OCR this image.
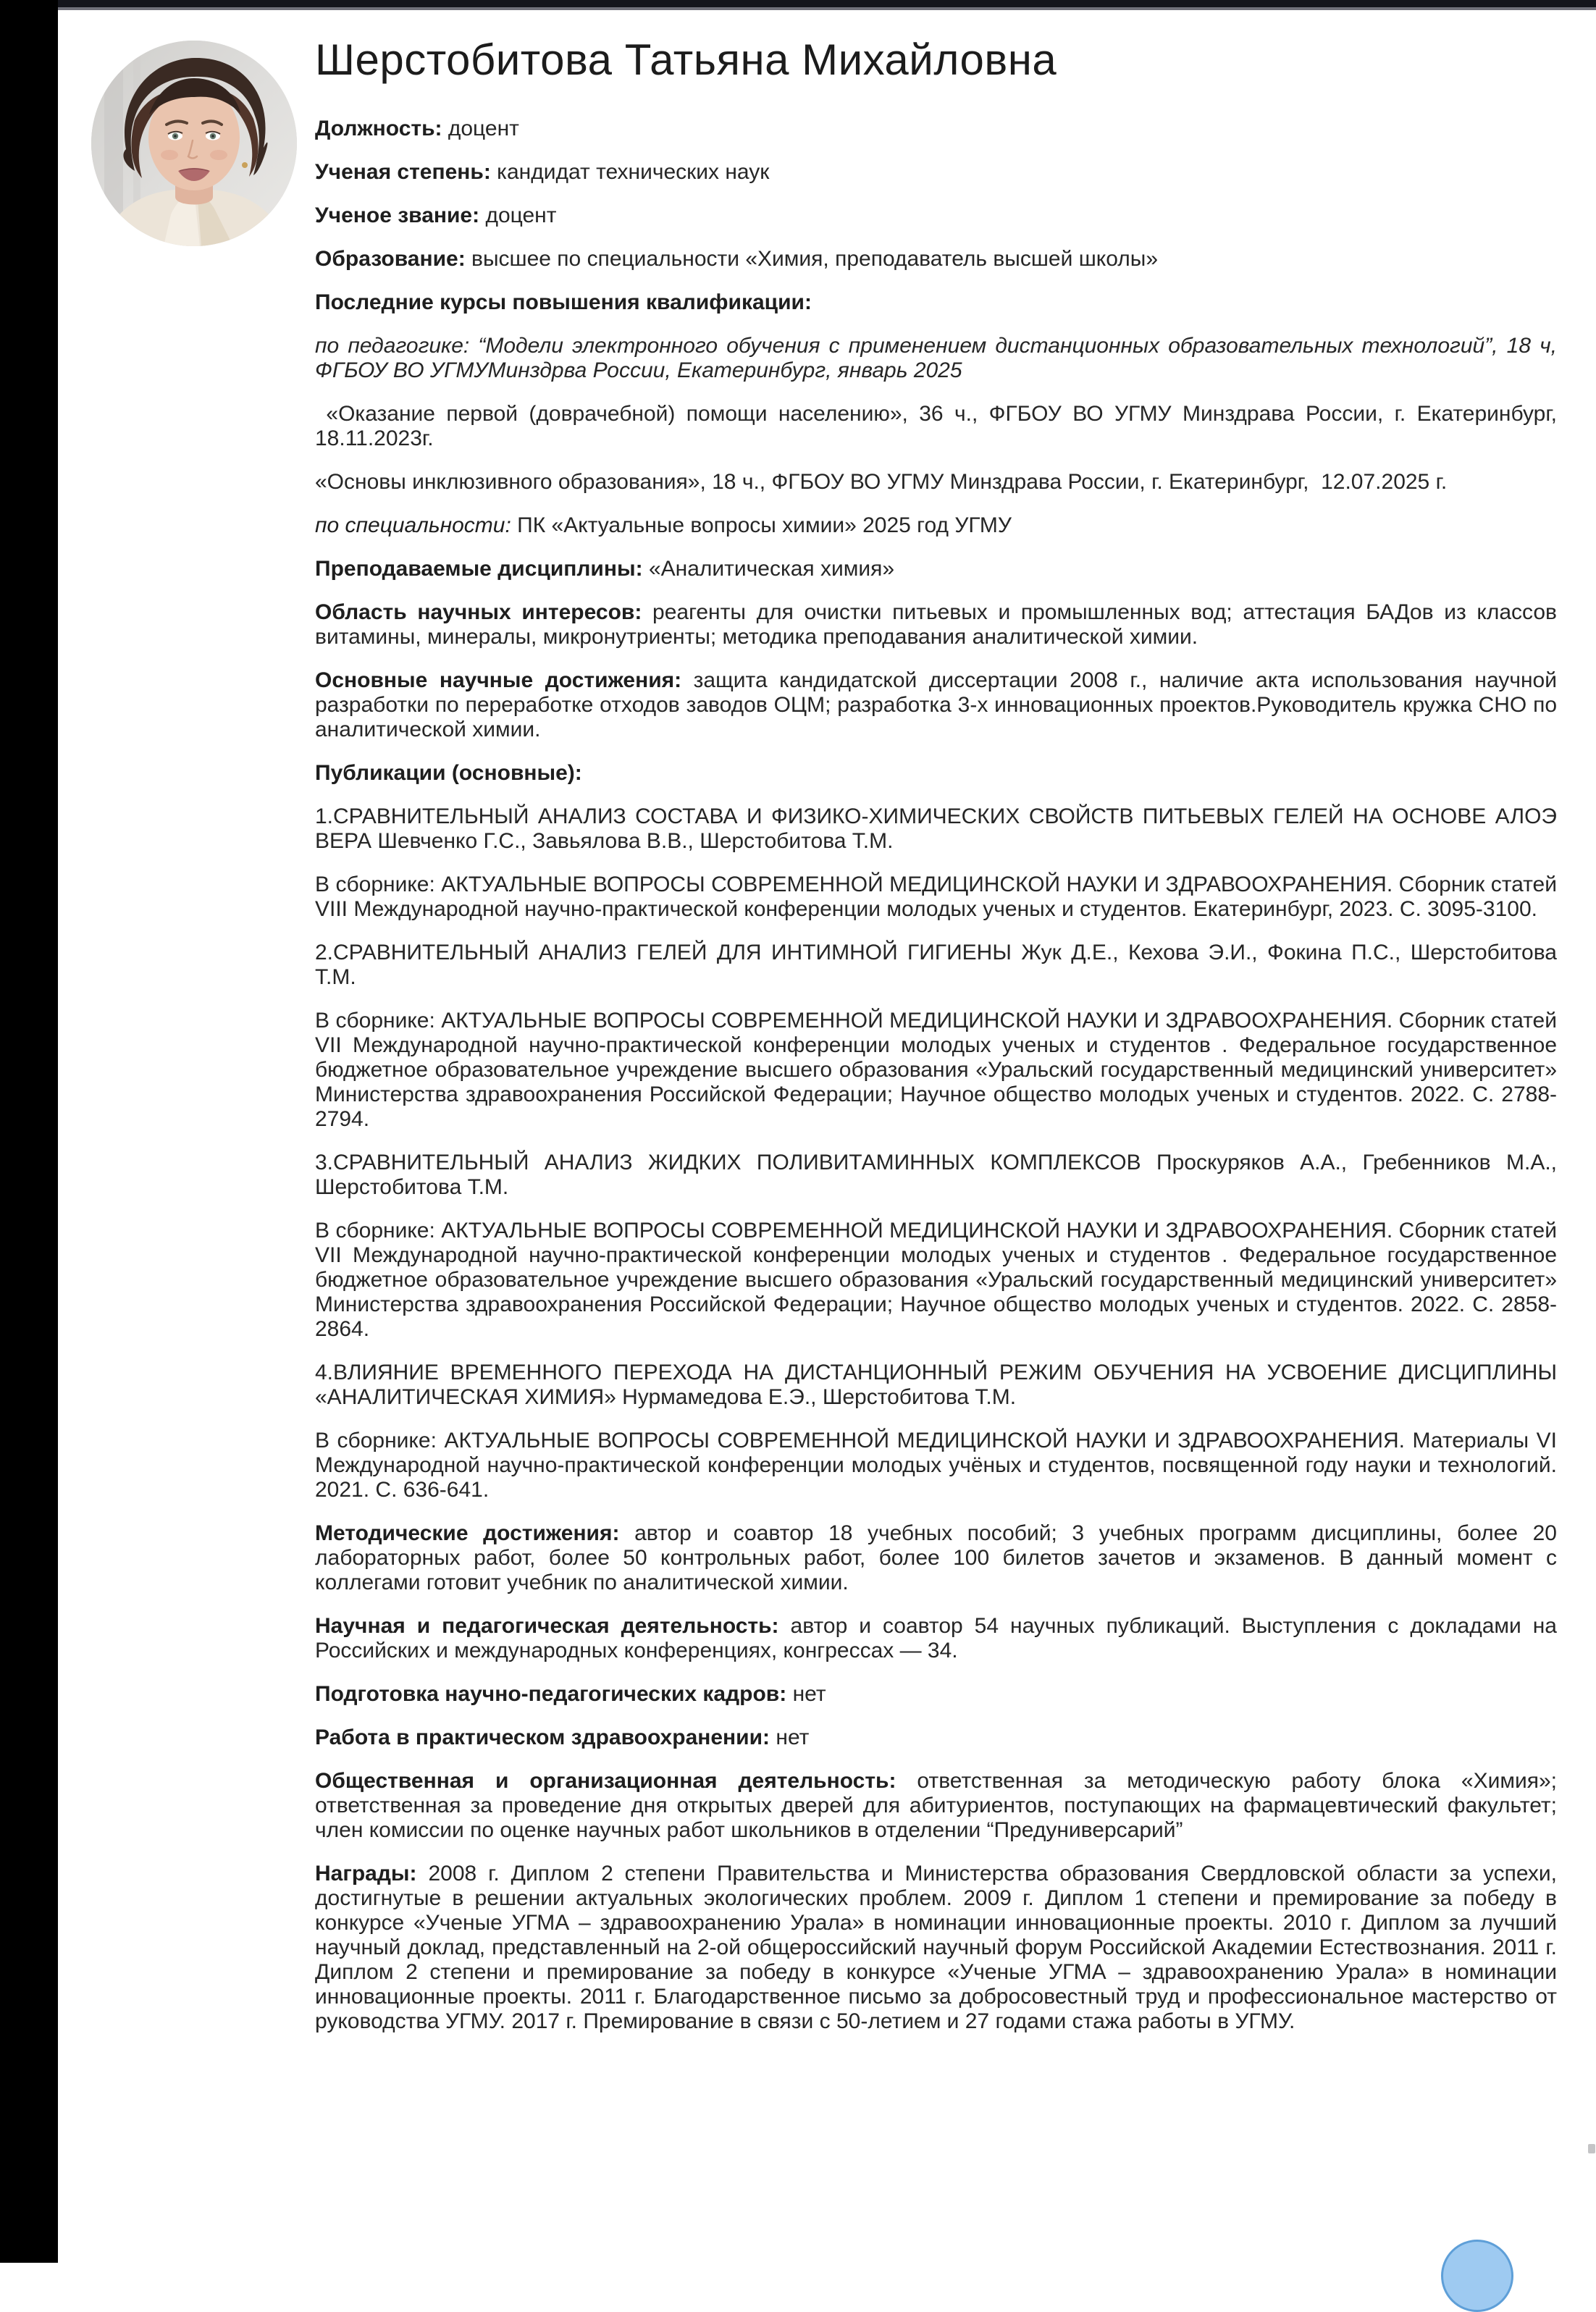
Шерстобитова Татьяна Михайловна

Должность: доцент

Ученая степень: кандидат технических наук

Ученое звание: доцент

Образование: высшее по специальности «Химия, преподаватель высшей школы»

Последние курсы повышения квалификации:

по педагогике: “Модели электронного обучения с применением дистанционных образовательных технологий”, 18 ч, ФГБОУ ВО УГМУМинздрва России, Екатеринбург, январь 2025

«Оказание первой (доврачебной) помощи населению», 36 ч., ФГБОУ ВО УГМУ Минздрава России, г. Екатеринбург, 18.11.2023г.

«Основы инклюзивного образования», 18 ч., ФГБОУ ВО УГМУ Минздрава России, г. Екатеринбург,  12.07.2025 г.

по специальности: ПК «Актуальные вопросы химии» 2025 год УГМУ

Преподаваемые дисциплины: «Аналитическая химия»

Область научных интересов: реагенты для очистки питьевых и промышленных вод; аттестация БАДов из классов витамины, минералы, микронутриенты; методика преподавания аналитической химии.

Основные научные достижения: защита кандидатской диссертации 2008 г., наличие акта использования научной разработки по переработке отходов заводов ОЦМ; разработка 3-х инновационных проектов.Руководитель кружка СНО по аналитической химии.

Публикации (основные):

1.СРАВНИТЕЛЬНЫЙ АНАЛИЗ СОСТАВА И ФИЗИКО-ХИМИЧЕСКИХ СВОЙСТВ ПИТЬЕВЫХ ГЕЛЕЙ НА ОСНОВЕ АЛОЭ ВЕРА Шевченко Г.С., Завьялова В.В., Шерстобитова Т.М.

В сборнике: АКТУАЛЬНЫЕ ВОПРОСЫ СОВРЕМЕННОЙ МЕДИЦИНСКОЙ НАУКИ И ЗДРАВООХРАНЕНИЯ. Сборник статей VIII Международной научно-практической конференции молодых ученых и студентов. Екатеринбург, 2023. С. 3095-3100.

2.СРАВНИТЕЛЬНЫЙ АНАЛИЗ ГЕЛЕЙ ДЛЯ ИНТИМНОЙ ГИГИЕНЫ Жук Д.Е., Кехова Э.И., Фокина П.С., Шерстобитова Т.М.

В сборнике: АКТУАЛЬНЫЕ ВОПРОСЫ СОВРЕМЕННОЙ МЕДИЦИНСКОЙ НАУКИ И ЗДРАВООХРАНЕНИЯ. Сборник статей VII Международной научно-практической конференции молодых ученых и студентов . Федеральное государственное бюджетное образовательное учреждение высшего образования «Уральский государственный медицинский университет» Министерства здравоохранения Российской Федерации; Научное общество молодых ученых и студентов. 2022. С. 2788-2794.

3.СРАВНИТЕЛЬНЫЙ АНАЛИЗ ЖИДКИХ ПОЛИВИТАМИННЫХ КОМПЛЕКСОВ Проскуряков А.А., Гребенников М.А., Шерстобитова Т.М.

В сборнике: АКТУАЛЬНЫЕ ВОПРОСЫ СОВРЕМЕННОЙ МЕДИЦИНСКОЙ НАУКИ И ЗДРАВООХРАНЕНИЯ. Сборник статей VII Международной научно-практической конференции молодых ученых и студентов . Федеральное государственное бюджетное образовательное учреждение высшего образования «Уральский государственный медицинский университет» Министерства здравоохранения Российской Федерации; Научное общество молодых ученых и студентов. 2022. С. 2858-2864.

4.ВЛИЯНИЕ ВРЕМЕННОГО ПЕРЕХОДА НА ДИСТАНЦИОННЫЙ РЕЖИМ ОБУЧЕНИЯ НА УСВОЕНИЕ ДИСЦИПЛИНЫ «АНАЛИТИЧЕСКАЯ ХИМИЯ» Нурмамедова Е.Э., Шерстобитова Т.М.

В сборнике: АКТУАЛЬНЫЕ ВОПРОСЫ СОВРЕМЕННОЙ МЕДИЦИНСКОЙ НАУКИ И ЗДРАВООХРАНЕНИЯ. Материалы VI Международной научно-практической конференции молодых учёных и студентов, посвященной году науки и технологий. 2021. С. 636-641.

Методические достижения: автор и соавтор 18 учебных пособий; 3 учебных программ дисциплины, более 20 лабораторных работ, более 50 контрольных работ, более 100 билетов зачетов и экзаменов. В данный момент с коллегами готовит учебник по аналитической химии.

Научная и педагогическая деятельность: автор и соавтор 54 научных публикаций. Выступления с докладами на Российских и международных конференциях, конгрессах — 34.

Подготовка научно-педагогических кадров: нет

Работа в практическом здравоохранении: нет

Общественная и организационная деятельность: ответственная за методическую работу блока «Химия»; ответственная за проведение дня открытых дверей для абитуриентов, поступающих на фармацевтический факультет; член комиссии по оценке научных работ школьников в отделении “Предуниверсарий”

Награды: 2008 г. Диплом 2 степени Правительства и Министерства образования Свердловской области за успехи, достигнутые в решении актуальных экологических проблем. 2009 г. Диплом 1 степени и премирование за победу в конкурсе «Ученые УГМА – здравоохранению Урала» в номинации инновационные проекты. 2010 г. Диплом за лучший научный доклад, представленный на 2-ой общероссийский научный форум Российской Академии Естествознания. 2011 г. Диплом 2 степени и премирование за победу в конкурсе «Ученые УГМА – здравоохранению Урала» в номинации инновационные проекты. 2011 г. Благодарственное письмо за добросовестный труд и профессиональное мастерство от руководства УГМУ. 2017 г. Премирование в связи с 50-летием и 27 годами стажа работы в УГМУ.
